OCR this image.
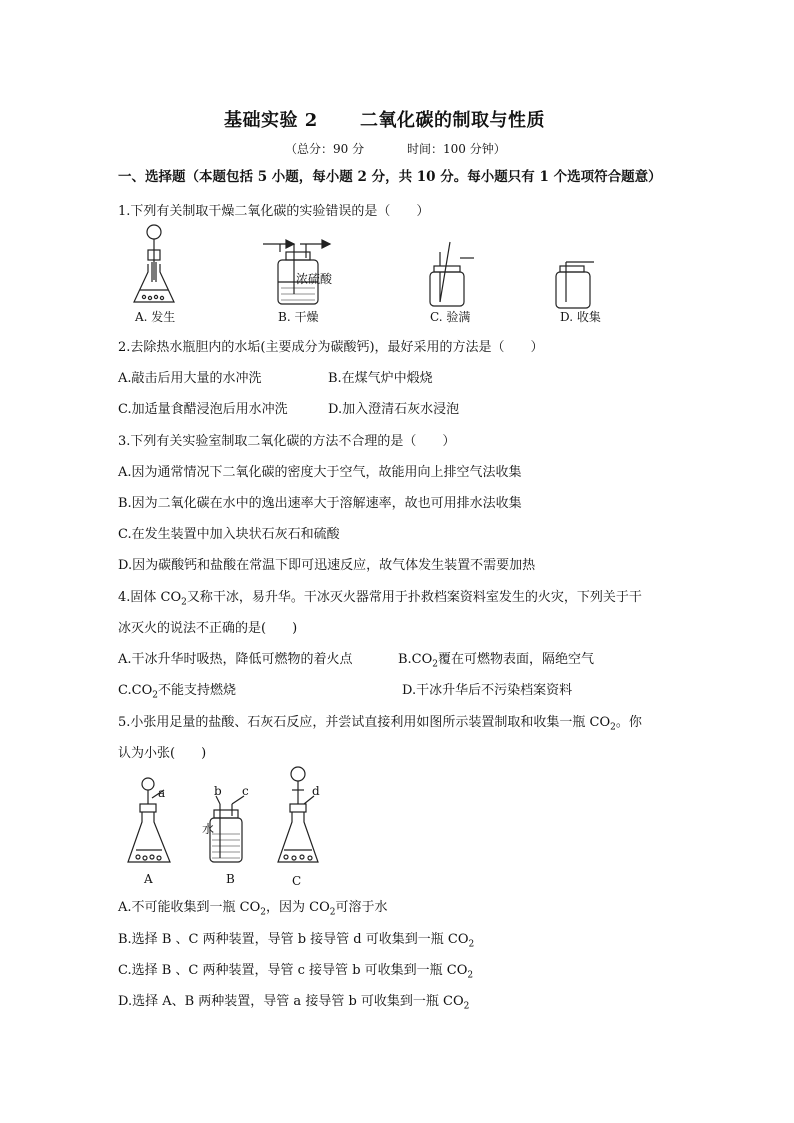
基础实验 2 二氧化碳的制取与性质
（总分：90 分	时间：100 分钟）
一、选择题（本题包括 5 小题，每小题 2 分，共 10 分。每小题只有 1 个选项符合题意）
1.下列有关制取干燥二氧化碳的实验错误的是（　　）
浓硫酸
A. 发生	B. 干燥	C. 验满	D. 收集
2.去除热水瓶胆内的水垢(主要成分为碳酸钙)，最好采用的方法是（　　）
A.敲击后用大量的水冲洗	B.在煤气炉中煅烧
C.加适量食醋浸泡后用水冲洗	D.加入澄清石灰水浸泡
3.下列有关实验室制取二氧化碳的方法不合理的是（　　）
A.因为通常情况下二氧化碳的密度大于空气，故能用向上排空气法收集
B.因为二氧化碳在水中的逸出速率大于溶解速率，故也可用排水法收集
C.在发生装置中加入块状石灰石和硫酸
D.因为碳酸钙和盐酸在常温下即可迅速反应，故气体发生装置不需要加热
4.固体 $CO_2$又称干冰，易升华。干冰灭火器常用于扑救档案资料室发生的火灾，下列关于干
冰灭火的说法不正确的是(　　)
A.干冰升华时吸热，降低可燃物的着火点	$B.CO_2$覆在可燃物表面，隔绝空气
$C.CO_2$不能支持燃烧	D.干冰升华后不污染档案资料
5.小张用足量的盐酸、石灰石反应，并尝试直接利用如图所示装置制取和收集一瓶 $CO_2$。你
认为小张(　　)
a	b c	d
水
A	B	C
A.不可能收集到一瓶 $CO_2$，因为 $CO_2$可溶于水
B.选择 B 、C 两种装置，导管 b 接导管 d 可收集到一瓶 $CO_2$
C.选择 B 、C 两种装置，导管 c 接导管 b 可收集到一瓶 $CO_2$
D.选择 A、B 两种装置，导管 a 接导管 b 可收集到一瓶 $CO_2$
